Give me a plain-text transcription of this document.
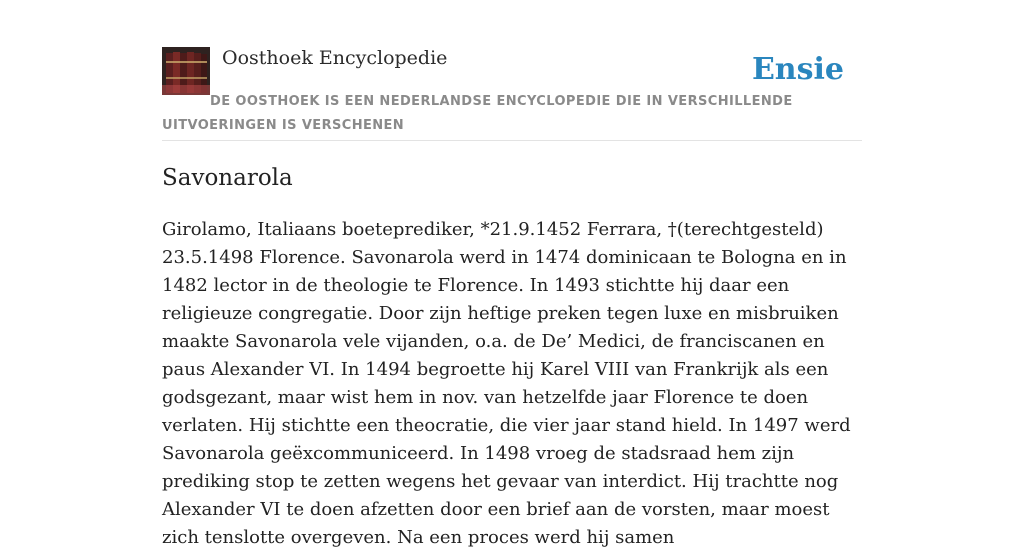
Oosthoek Encyclopedie	Ensie
DE OOSTHOEK IS EEN NEDERLANDSE ENCYCLOPEDIE DIE IN VERSCHILLENDE UITVOERINGEN IS VERSCHENEN
Savonarola

Girolamo, Italiaans boeteprediker, *21.9.1452 Ferrara, †(terechtgesteld) 23.5.1498 Florence. Savonarola werd in 1474 dominicaan te Bologna en in 1482 lector in de theologie te Florence. In 1493 stichtte hij daar een religieuze congregatie. Door zijn heftige preken tegen luxe en misbruiken maakte Savonarola vele vijanden, o.a. de De’ Medici, de franciscanen en paus Alexander VI. In 1494 begroette hij Karel VIII van Frankrijk als een godsgezant, maar wist hem in nov. van hetzelfde jaar Florence te doen verlaten. Hij stichtte een theocratie, die vier jaar stand hield. In 1497 werd Savonarola geëxcommuniceerd. In 1498 vroeg de stadsraad hem zijn prediking stop te zetten wegens het gevaar van interdict. Hij trachtte nog Alexander VI te doen afzetten door een brief aan de vorsten, maar moest zich tenslotte overgeven. Na een proces werd hij samen
